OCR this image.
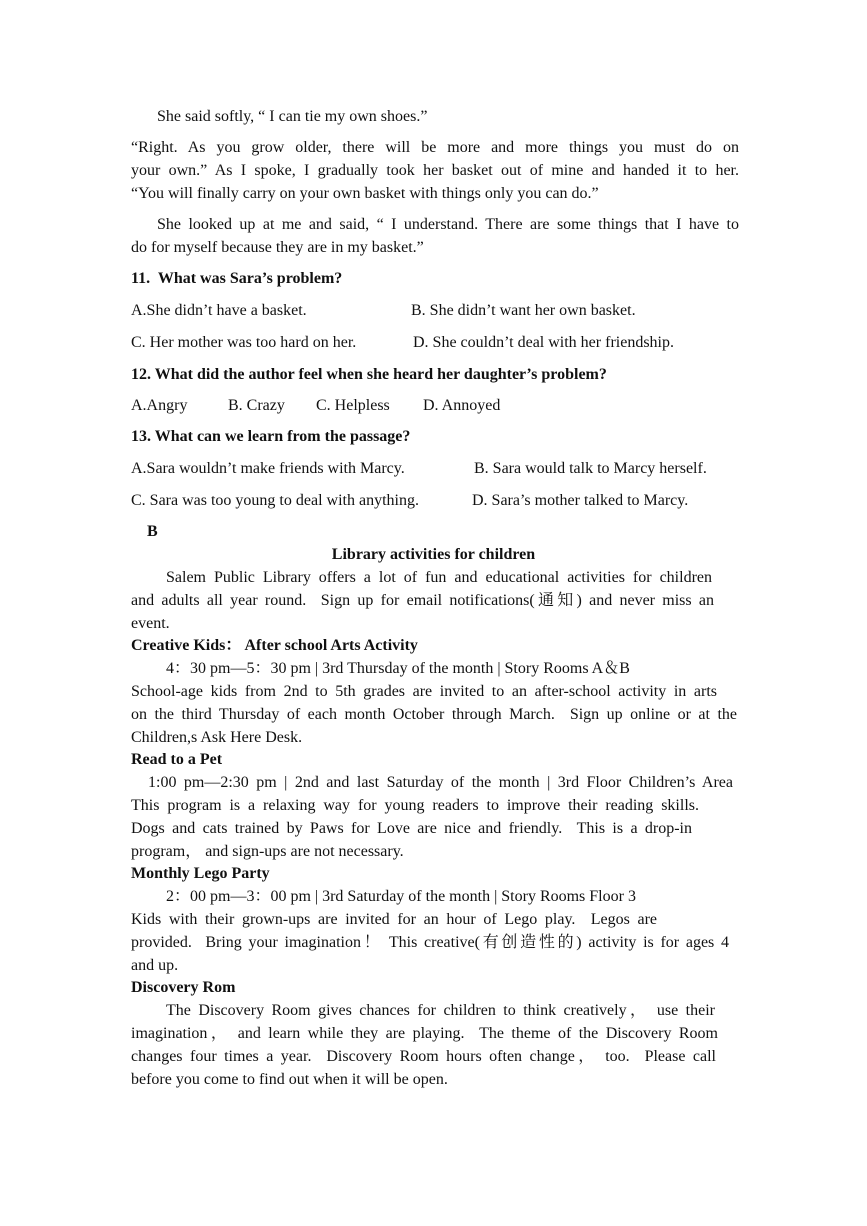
She said softly, “ I can tie my own shoes.”
“Right. As you grow older, there will be more and more things you must do on
your own.” As I spoke, I gradually took her basket out of mine and handed it to her.
“You will finally carry on your own basket with things only you can do.”
She looked up at me and said, “ I understand. There are some things that I have to
do for myself because they are in my basket.”
11.  What was Sara’s problem?
A.She didn’t have a basket.	B. She didn’t want her own basket.
C. Her mother was too hard on her.	D. She couldn’t deal with her friendship.
12. What did the author feel when she heard her daughter’s problem?
A.Angry	B. Crazy C. Helpless D. Annoyed
13. What can we learn from the passage?
A.Sara wouldn’t make friends with Marcy.	B. Sara would talk to Marcy herself.
C. Sara was too young to deal with anything.	D. Sara’s mother talked to Marcy.
B
Library activities for children
Salem Public Library offers a lot of fun and educational activities for children
and adults all year round.  Sign up for email notifications(通知) and never miss an
event.
Creative Kids： After school Arts Activity
4：30 pm—5：30 pm | 3rd Thursday of the month | Story Rooms A＆B
School-age kids from 2nd to 5th grades are invited to an after-school activity in arts
on the third Thursday of each month October through March.  Sign up online or at the
Children,s Ask Here Desk.
Read to a Pet
1:00 pm—2:30 pm | 2nd and last Saturday of the month | 3rd Floor Children’s Area
This program is a relaxing way for young readers to improve their reading skills.
Dogs and cats trained by Paws for Love are nice and friendly.  This is a drop-in
program， and sign-ups are not necessary.
Monthly Lego Party
2：00 pm—3：00 pm | 3rd Saturday of the month | Story Rooms Floor 3
Kids with their grown-ups are invited for an hour of Lego play.  Legos are
provided.  Bring your imagination！ This creative(有创造性的) activity is for ages 4
and up.
Discovery Rom
The Discovery Room gives chances for children to think creatively， use their
imagination， and learn while they are playing.  The theme of the Discovery Room
changes four times a year.  Discovery Room hours often change， too.  Please call
before you come to find out when it will be open.
